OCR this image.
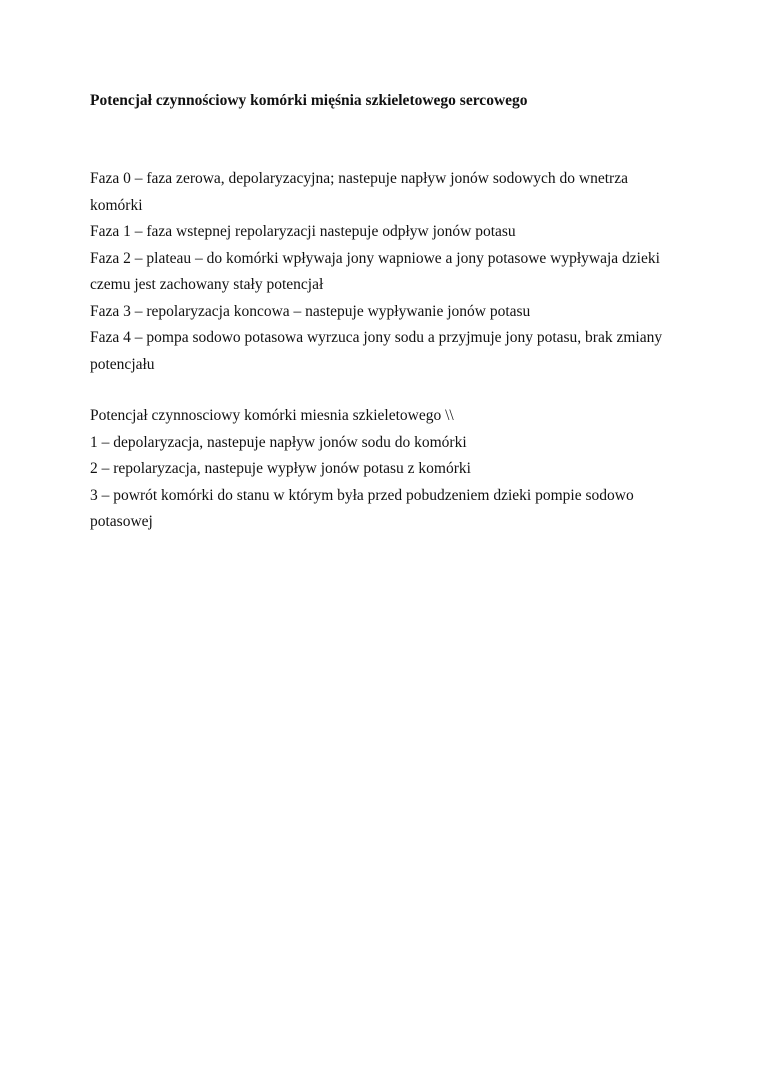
Potencjał czynnościowy komórki mięśnia szkieletowego sercowego

Faza 0 – faza zerowa, depolaryzacyjna; nastepuje napływ jonów sodowych do wnetrza komórki

Faza 1 – faza wstepnej repolaryzacji nastepuje odpływ jonów potasu

Faza 2 – plateau – do komórki wpływaja jony wapniowe a jony potasowe wypływaja dzieki czemu jest zachowany stały potencjał

Faza 3 – repolaryzacja koncowa – nastepuje wypływanie jonów potasu

Faza 4 – pompa sodowo potasowa wyrzuca jony sodu a przyjmuje jony potasu, brak zmiany potencjału

Potencjał czynnosciowy komórki miesnia szkieletowego \\

1 – depolaryzacja, nastepuje napływ jonów sodu do komórki

2 – repolaryzacja, nastepuje wypływ jonów potasu z komórki

3 – powrót komórki do stanu w którym była przed pobudzeniem dzieki pompie sodowo potasowej
